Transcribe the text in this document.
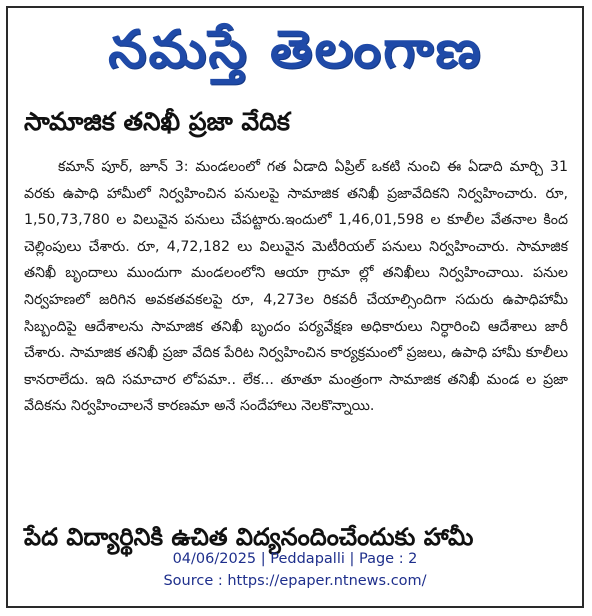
నమస్తే తెలంగాణ
సామాజిక తనిఖీ ప్రజా వేదిక

కమాన్ పూర్, జూన్ 3: మండలంలో గత ఏడాది ఏప్రిల్ ఒకటి నుంచి ఈ ఏడాది మార్చి 31 వరకు ఉపాధి హామీలో నిర్వహించిన పనులపై సామాజిక తనిఖీ ప్రజావేదికని నిర్వహించారు. రూ, 1,50,73,780 ల విలువైన పనులు చేపట్టారు.ఇందులో 1,46,01,598 ల కూలీల వేతనాల కింద చెల్లింపులు చేశారు. రూ, 4,72,182 లు విలువైన మెటీరియల్ పనులు నిర్వహించారు. సామాజిక తనిఖీ బృందాలు ముందుగా మండలంలోని ఆయా గ్రామా ల్లో తనిఖీలు నిర్వహించాయి. పనుల నిర్వహణలో జరిగిన అవకతవకలపై రూ, 4,273ల రికవరీ చేయాల్సిందిగా సదురు ఉపాధిహామీ సిబ్బందిపై ఆదేశాలను సామాజిక తనిఖీ బృందం పర్యవేక్షణ అధికారులు నిర్ధారించి ఆదేశాలు జారీ చేశారు. సామాజిక తనిఖీ ప్రజా వేదిక పేరిట నిర్వహించిన కార్యక్రమంలో ప్రజలు, ఉపాధి హామీ కూలీలు కానరాలేదు. ఇది సమాచార లోపమా.. లేక... తూతూ మంత్రంగా సామాజిక తనిఖీ మండ ల ప్రజా వేదికను నిర్వహించాలనే కారణమా అనే సందేహాలు నెలకొన్నాయి.

పేద విద్యార్థినికి ఉచిత విద్యనందించేందుకు హామీ
04/06/2025 | Peddapalli | Page : 2
Source : https://epaper.ntnews.com/
